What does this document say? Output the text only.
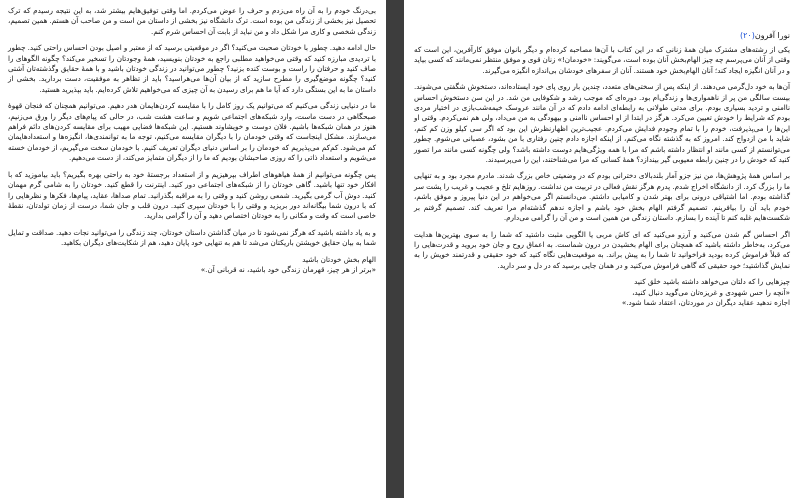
بی‌درنگ خودم را به آن راه می‌زدم و حرف را عوض می‌کردم. اما وقتی توفیق‌هایم بیشتر شد، به این نتیجه رسیدم که ترک تحصیل نیز بخشی از زندگی من بوده است. ترک دانشگاه نیز بخشی از داستان من است و من صاحب آن هستم. همین تصمیم، زندگی شخصی و کاری مرا شکل داد و من نباید از بابت آن احساس شرم کنم.

حال ادامه دهید. چطور با خودتان صحبت می‌کنید؟ اگر در موقعیتی برسید که از معتبر و اصیل بودن احساس راحتی کنید. چطور با تردیدی مبارزه کنید که وقتی می‌خواهید مطلبی راجع به خودتان بنویسید، همهٔ وجودتان را تسخیر می‌کند؟ چگونه الگوهای را صاف کنید و حرفتان را راست و بوست کنده بزنید؟ چطور می‌توانید در زندگی خودتان باشید و با همهٔ حقایق وگذشته‌تان آشتی کنید؟ چگونه موضع‌گیری را مطرح سازید که از بیان آن‌ها می‌هراسید؟ باید از تظاهر به موفقیت، دست بردارید. بخشی از داستان ما به این بستگی دارد که آیا ما هم برای رسیدن به آن چیزی که می‌خواهیم تلاش کرده‌ایم. باید بپذیرید هستید.

ما در دنیایی زندگی می‌کنیم که می‌توانیم یک روز کامل را با مقایسه کردن‌هایمان هدر دهیم. می‌توانیم همچنان که فنجان قهوهٔ صبحگاهی در دست ماست، وارد شبکه‌های اجتماعی شویم و ساعت هشت شب، در حالی که پیام‌های دیگر را ورق می‌زنیم، هنوز در همان شبکه‌ها باشیم. فلان دوست و خویشاوند هستیم. این شبکه‌ها فضایی مهیب برای مقایسه کردن‌های دائم فراهم می‌سازند. مشکل اینجاست که وقتی خودمان را با دیگران مقایسه می‌کنیم، توجه ما به توانمندی‌ها، انگیزه‌ها و استعدادهایمان کم می‌شود. کم‌کم می‌پذیریم که خودمان را بر اساس دنیای دیگران تعریف کنیم. با خودمان سخت می‌گیریم، از خودمان خسته می‌شویم و استعداد ذاتی را که روزی صاحبشان بودیم که ما را از دیگران متمایز می‌کند، از دست می‌دهیم.

پس چگونه می‌توانیم از همهٔ هیاهوهای اطراف بپرهیزیم و از استعداد برجستهٔ خود به راحتی بهره بگیریم؟ باید بیاموزید که با افکار خود تنها باشید. گاهی خودتان را از شبکه‌های اجتماعی دور کنید. اینترنت را قطع کنید. خودتان را به شامی گرم مهمان کنید. دوش آب گرمی بگیرید. شمعی روشن کنید و وقتی را به مراقبه بگذرانید. تمام صداها، عقاید، پیام‌ها، فکرها و نظرهایی را که با درون شما بیگانه‌اند دور بریزید و وقتی را با خودتان سپری کنید. درون قلب و جان شما، درست از زمان تولدتان، نقطهٔ خاصی است که وقت و مکانی را به خودتان اختصاص دهید و آن را گرامی بدارید.

و به یاد داشته باشید که هرگز نمی‌شود تا در میان گذاشتن داستان خودتان، چند زندگی را می‌توانید نجات دهید. صداقت و تمایل شما به بیان حقایق خویشتن باریکتان می‌شد تا هم به تنهایی خود پایان دهید، هم از شکایت‌های دیگران بکاهید.

الهام بخش خودتان باشید

«برتر از هر چیز، قهرمان زندگی خود باشید، نه قربانی آن.»

نورا آفرون(۲۰)

یکی از رشته‌های مشترک میان همهٔ زنانی که در این کتاب با آن‌ها مصاحبه کرده‌ام و دیگر بانوان موفق کارآفرین، این است که وقتی از آنان می‌پرسم چه چیز الهام‌بخش آنان بوده است، می‌گویند: «خودمان!» زنان قوی و موفق منتظر نمی‌مانند که کسی بیاید و در آنان انگیزه ایجاد کند؛ آنان الهام‌بخش خود هستند. آنان از سفرهای خودشان بی‌اندازه انگیزه می‌گیرند.

آن‌ها به خود دل‌گرمی می‌دهند. از اینکه پس از سختی‌های متعدد، چندین بار روی پای خود ایستاده‌اند، دستخوش شگفتی می‌شوند. بیست سالگی من پر از ناهمواری‌ها و زندگی‌ام بود. دوره‌ای که موجب رشد و شکوفایی من شد. در این سن دستخوش احساس ناامنی و تردید بسیاری بودم. برای مدتی طولانی به رابطه‌ای ادامه دادم که در آن مانند عروسک خیمه‌شب‌بازی در اختیار مردی بودم که شرایط را خودش تعیین می‌کرد. هرگز در ابتدا از او احساس ناامنی و بیهودگی به من می‌داد، ولی هم نمی‌کردم. وقتی او این‌ها را می‌پذیرفت، خودم را با تمام وجودم فدایش می‌کردم. عجیب‌ترین اظهارنظرش این بود که اگر سی کیلو وزن کم کنم، شاید با من ازدواج کند. امروز که به گذشته نگاه می‌کنم، از اینکه اجازه دادم چنین رفتاری با من بشود، عصبانی می‌شوم. چطور می‌توانستم از کسی مانند او انتظار داشته باشم که مرا با همه ویژگی‌هایم دوست داشته باشد؟ ولی چگونه کسی مانند مرا تصور کنید که خودش را در چنین رابطه معیوبی گیر بیندازد؟ همهٔ کسانی که مرا می‌شناختند، این را می‌پرسیدند.

بر اساس همهٔ پژوهش‌ها، من نیز جزو آمار بلندبالای دخترانی بودم که در وضعیتی خاص بزرگ شدند. مادرم مجرد بود و به تنهایی ما را بزرگ کرد. از دانشگاه اخراج شدم. پدرم هرگز نقش فعالی در تربیت من نداشت. روزهایم تلخ و عجیب و غریب را پشت سر گذاشته بودم. اما اشتیاقی درونی برای بهتر شدن و کامیابی داشتم. می‌دانستم اگر می‌خواهم در این دنیا پیروز و موفق باشم، خودم باید آن را بیافرینم. تصمیم گرفتم الهام بخش خود باشم و اجازه ندهم گذشته‌ام مرا تعریف کند. تصمیم گرفتم بر شکست‌هایم غلبه کنم تا آینده را بسازم. داستان زندگی من همین است و من آن را گرامی می‌دارم.

اگر احساس گم شدن می‌کنید و آرزو می‌کنید که ای کاش مربی یا الگویی مثبت داشتید که شما را به سوی بهترین‌ها هدایت می‌کرد، به‌خاطر داشته باشید که همچنان برای الهام بخشیدن در درون شماست. به اعماق روح و جان خود بروید و قدرت‌هایی را که قبلاً فراموش کرده بودید فراخوانید تا شما را به پیش براند. به موقعیت‌هایی نگاه کنید که خود حقیقی و قدرتمند خویش را به نمایش گذاشتید؛ خود حقیقی که گاهی فراموش می‌کنید و در همان جایی برسید که در دل و سر دارید.

چیزهایی را که دلتان می‌خواهد داشته باشید خلق کنید

«آنچه را حس شهودی و غریزه‌تان می‌گوید دنبال کنید،

اجازه ندهید عقاید دیگران در موردتان، اعتقاد شما شود.»
